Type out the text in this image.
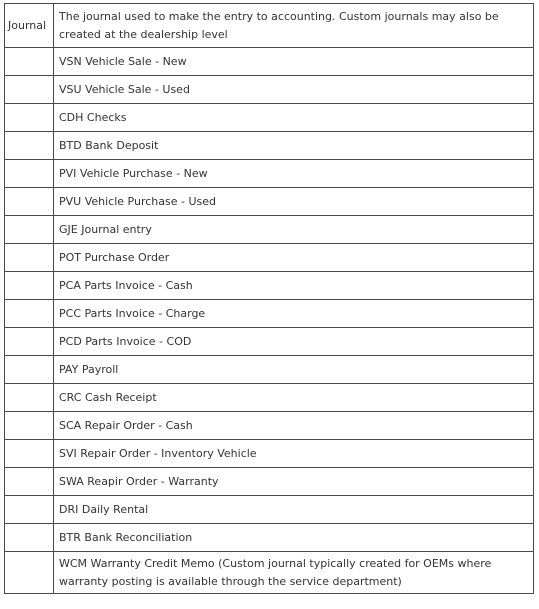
Journal	The journal used to make the entry to accounting. Custom journals may also be created at the dealership level
	VSN Vehicle Sale - New
	VSU Vehicle Sale - Used
	CDH Checks
	BTD Bank Deposit
	PVI Vehicle Purchase - New
	PVU Vehicle Purchase - Used
	GJE Journal entry
	POT Purchase Order
	PCA Parts Invoice - Cash
	PCC Parts Invoice - Charge
	PCD Parts Invoice - COD
	PAY Payroll
	CRC Cash Receipt
	SCA Repair Order - Cash
	SVI Repair Order - Inventory Vehicle
	SWA Reapir Order - Warranty
	DRI Daily Rental
	BTR Bank Reconciliation
	WCM Warranty Credit Memo (Custom journal typically created for OEMs where warranty posting is available through the service department)
